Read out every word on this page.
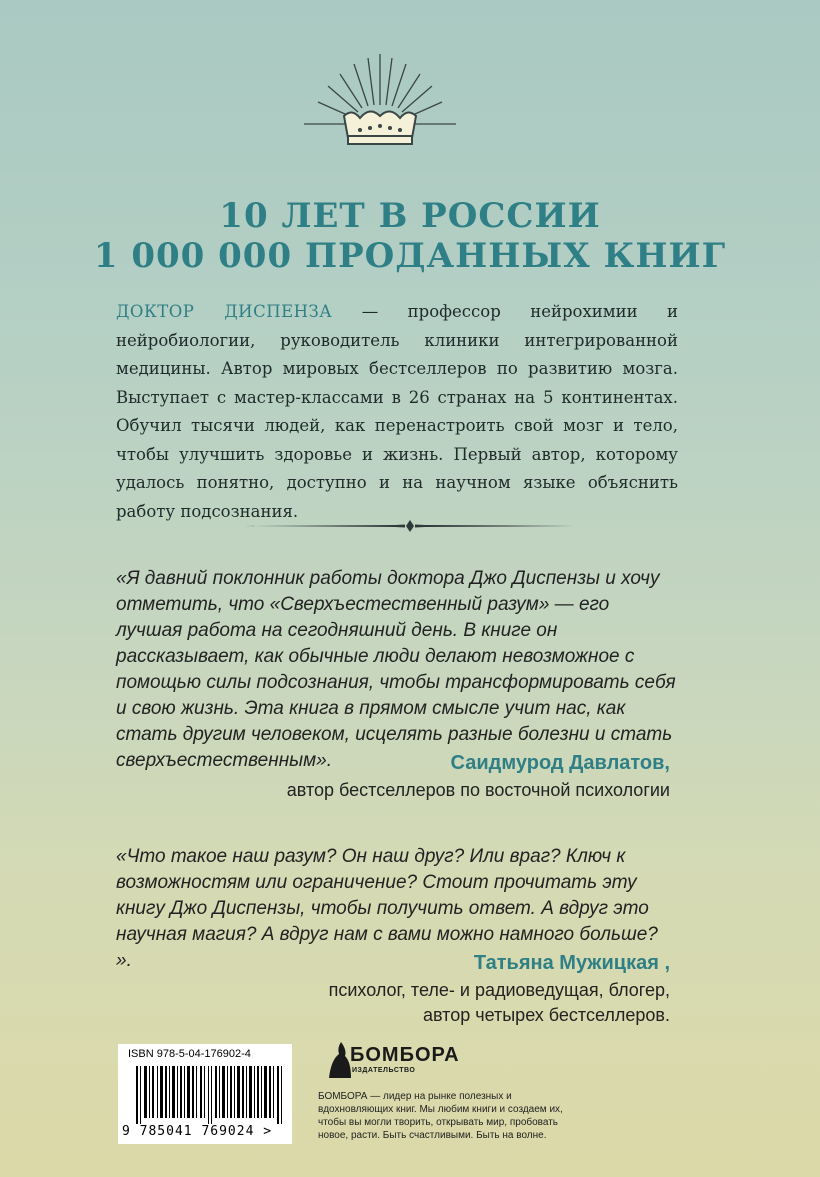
10 ЛЕТ В РОССИИ
1 000 000 ПРОДАННЫХ КНИГ
ДОКТОР ДИСПЕНЗА — профессор нейрохимии и нейробиологии, руководитель клиники интегрированной медицины. Автор мировых бестселлеров по развитию мозга. Выступает с мастер-классами в 26 странах на 5 континентах. Обучил тысячи людей, как перенастроить свой мозг и тело, чтобы улучшить здоровье и жизнь. Первый автор, которому удалось понятно, доступно и на научном языке объяснить работу подсознания.
«Я давний поклонник работы доктора Джо Диспензы и хочу отметить, что «Сверхъестественный разум» — его лучшая работа на сегодняшний день. В книге он рассказывает, как обычные люди делают невозможное с помощью силы подсознания, чтобы трансформировать себя и свою жизнь. Эта книга в прямом смысле учит нас, как стать другим человеком, исцелять разные болезни и стать сверхъестественным».	Саидмурод Давлатов,
автор бестселлеров по восточной психологии
«Что такое наш разум? Он наш друг? Или враг? Ключ к возможностям или ограничение? Стоит прочитать эту книгу Джо Диспензы, чтобы получить ответ. А вдруг это научная магия? А вдруг нам с вами можно намного больше? ».	Татьяна Мужицкая ,
психолог, теле- и радиоведущая, блогер, автор четырех бестселлеров.
ISBN 978-5-04-176902-4
9 785041 769024 >
БОМБОРА
ИЗДАТЕЛЬСТВО
БОМБОРА — лидер на рынке полезных и вдохновляющих книг. Мы любим книги и создаем их, чтобы вы могли творить, открывать мир, пробовать новое, расти. Быть счастливыми. Быть на волне.
